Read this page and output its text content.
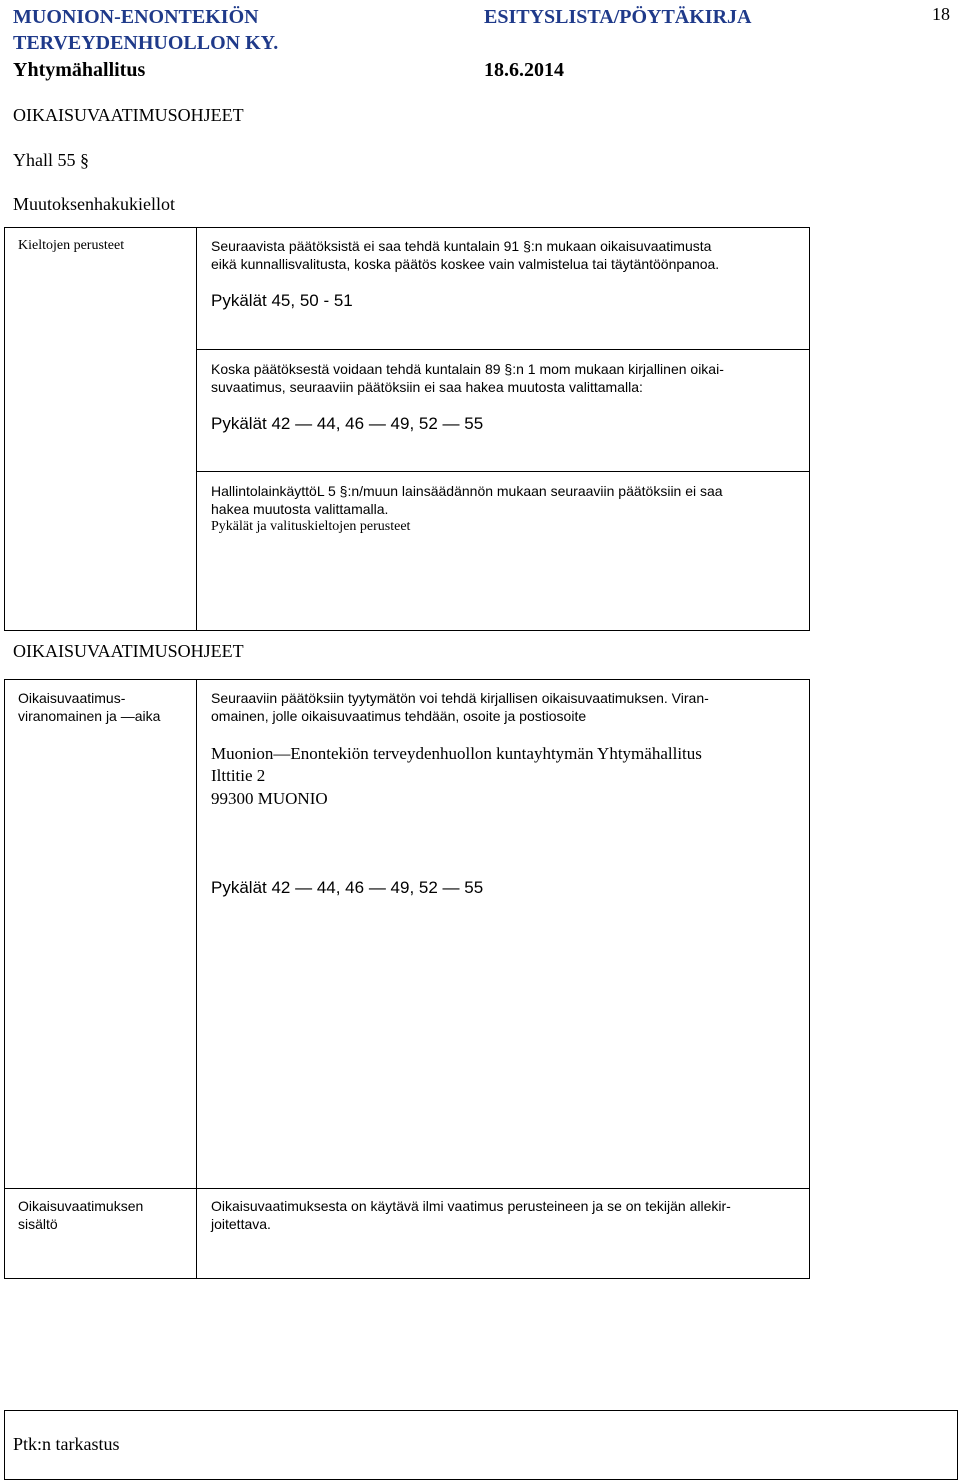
MUONION-ENONTEKIÖN
TERVEYDENHUOLLON KY.
Yhtymähallitus
ESITYSLISTA/PÖYTÄKIRJA
18.6.2014
18
OIKAISUVAATIMUSOHJEET
Yhall 55 §
Muutoksenhakukiellot
Kieltojen perusteet	Seuraavista päätöksistä ei saa tehdä kuntalain 91 §:n mukaan oikaisuvaatimusta
eikä kunnallisvalitusta, koska päätös koskee vain valmistelua tai täytäntöönpanoa.
Pykälät 45, 50 - 51
Koska päätöksestä voidaan tehdä kuntalain 89 §:n 1 mom mukaan kirjallinen oikai-
suvaatimus, seuraaviin päätöksiin ei saa hakea muutosta valittamalla:
Pykälät 42 — 44, 46 — 49, 52 — 55
HallintolainkäyttöL 5 §:n/muun lainsäädännön mukaan seuraaviin päätöksiin ei saa
hakea muutosta valittamalla.
Pykälät ja valituskieltojen perusteet
OIKAISUVAATIMUSOHJEET
Oikaisuvaatimus-
viranomainen ja —aika
Seuraaviin päätöksiin tyytymätön voi tehdä kirjallisen oikaisuvaatimuksen. Viran-
omainen, jolle oikaisuvaatimus tehdään, osoite ja postiosoite
Muonion—Enontekiön terveydenhuollon kuntayhtymän Yhtymähallitus
Ilttitie 2
99300 MUONIO
Pykälät 42 — 44, 46 — 49, 52 — 55
Oikaisuvaatimuksen
sisältö
Oikaisuvaatimuksesta on käytävä ilmi vaatimus perusteineen ja se on tekijän allekir-
joitettava.
Ptk:n tarkastus
